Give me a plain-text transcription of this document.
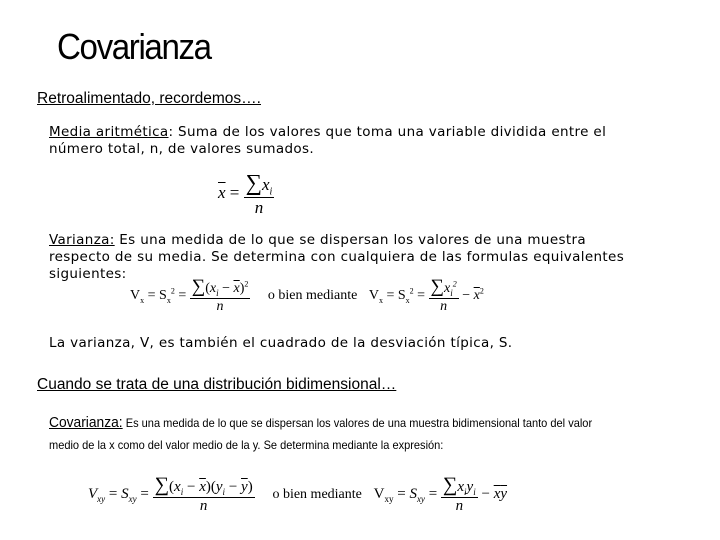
Covarianza
Retroalimentado, recordemos….
Media aritmética: Suma de los valores que toma una variable dividida entre el
número total, n, de valores sumados.
$\overline{x} = \frac{\sum x_i}{n}$
Varianza: Es una medida de lo que se dispersan los valores de una muestra
respecto de su media. Se determina con cualquiera de las formulas equivalentes
siguientes:
$V_x = S_x^2 = \frac{\sum(x_i - \overline{x})^2}{n}$ o bien mediante $V_x = S_x^2 = \frac{\sum x_i^2}{n} - \overline{x}^2$
La varianza, V, es también el cuadrado de la desviación típica, S.
Cuando se trata de una distribución bidimensional…
Covarianza: Es una medida de lo que se dispersan los valores de una muestra bidimensional tanto del valor
medio de la x como del valor medio de la y. Se determina mediante la expresión:
$V_{xy} = S_{xy} = \frac{\sum(x_i - \overline{x})(y_i - \overline{y})}{n}$ o bien mediante $V_{xy} = S_{xy} = \frac{\sum x_iy_i}{n} - \overline{x}\overline{y}$
